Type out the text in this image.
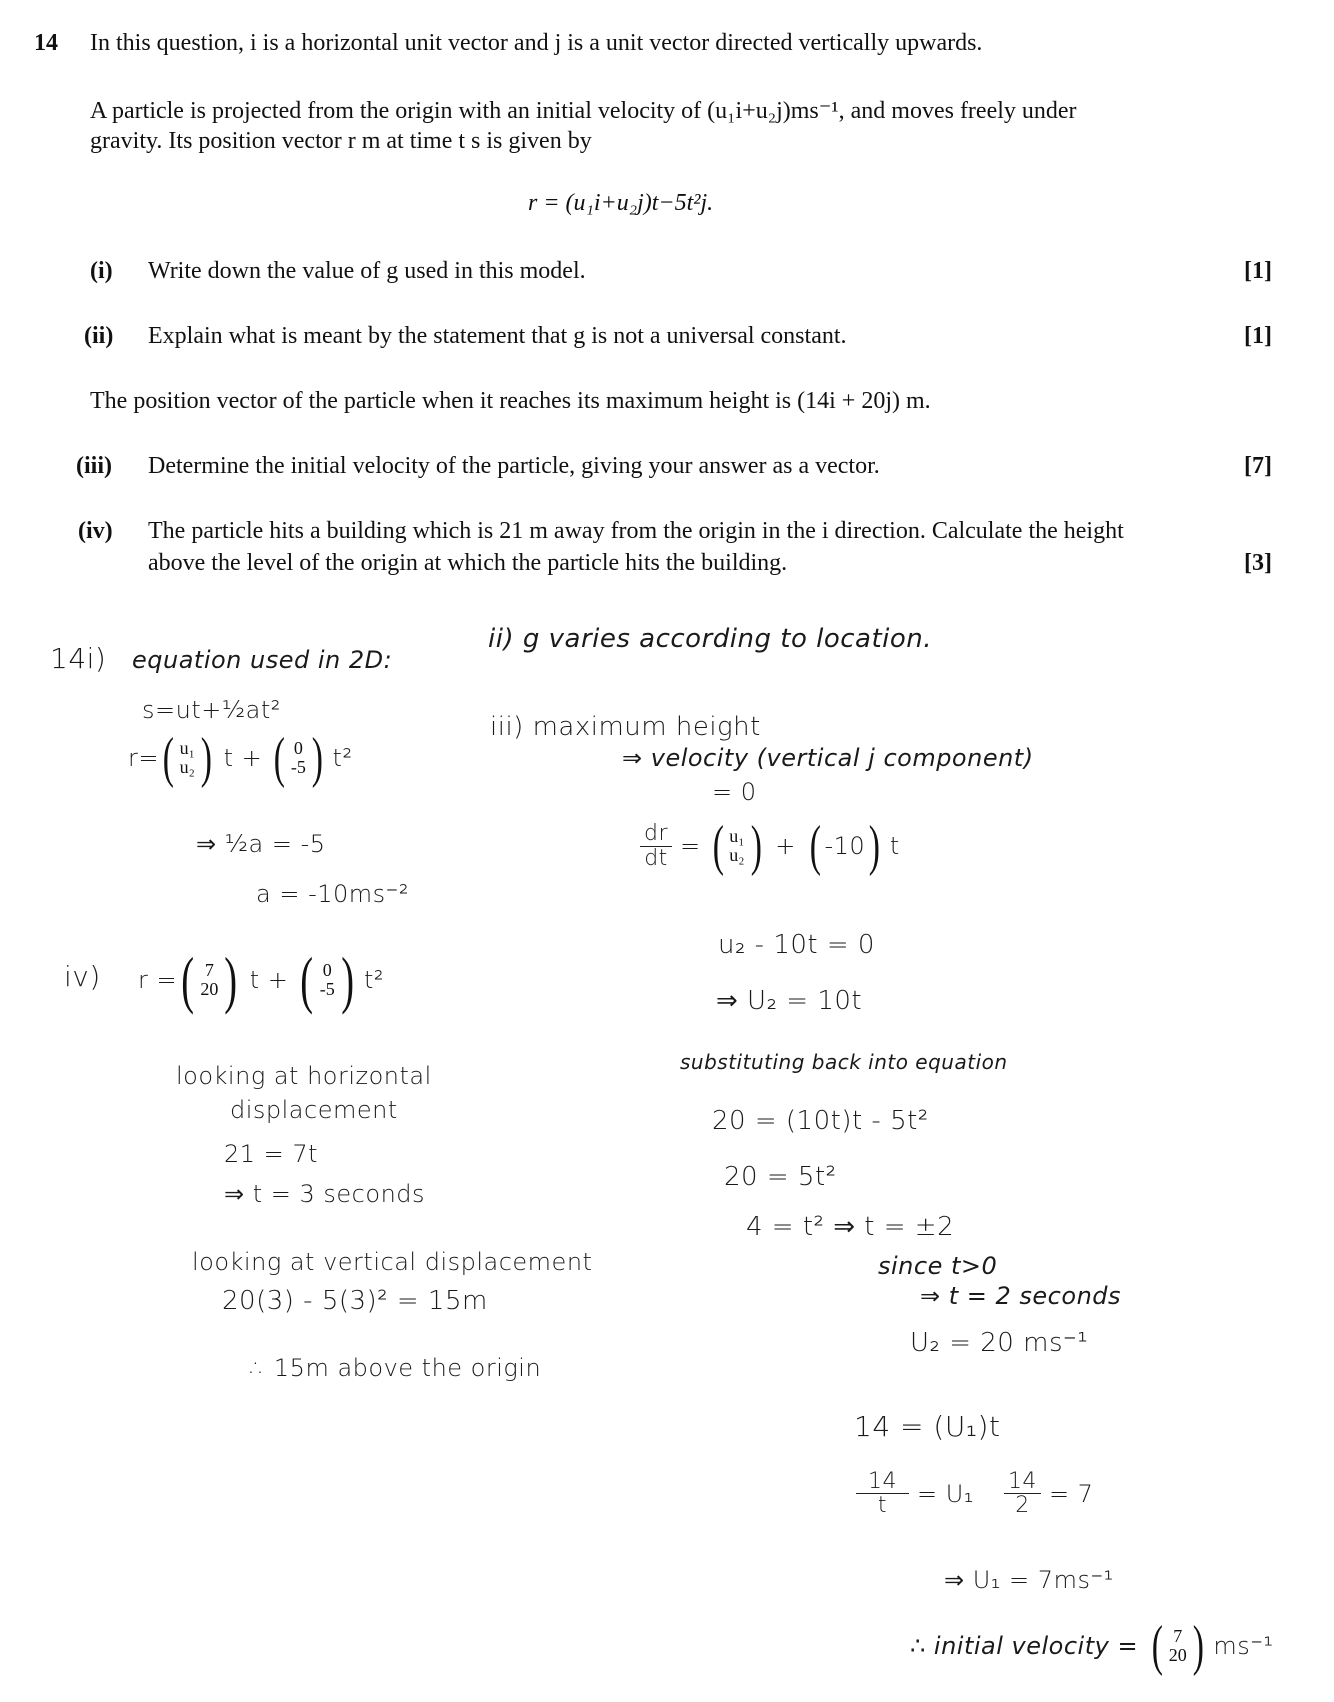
14 In this question, i is a horizontal unit vector and j is a unit vector directed vertically upwards.
A particle is projected from the origin with an initial velocity of (u₁i+u₂j)ms⁻¹, and moves freely under
gravity. Its position vector r m at time t s is given by
r = (u₁i+u₂j)t−5t²j.
(i) Write down the value of g used in this model.	[1]
(ii) Explain what is meant by the statement that g is not a universal constant.	[1]
The position vector of the particle when it reaches its maximum height is (14i + 20j) m.
(iii) Determine the initial velocity of the particle, giving your answer as a vector.	[7]
(iv) The particle hits a building which is 21 m away from the origin in the i direction. Calculate the height
above the level of the origin at which the particle hits the building.	[3]
14i) equation used in 2D:
s=ut+½at²
r= ( u₁
u₂ ) t + ( 0
-5 ) t²
⇒ ½a = -5
a = -10ms⁻²
iv) r = ( 7
20 ) t + ( 0
-5 ) t²
looking at horizontal
displacement
21 = 7t
⇒ t = 3 seconds
looking at vertical displacement
20(3) - 5(3)² = 15m
∴ 15m above the origin
ii) g varies according to location.
iii) maximum height
⇒ velocity (vertical j component)
= 0
$\frac{dr}{dt}$ = ( u₁
u₂ ) + ( -10 ) t
u₂ - 10t = 0
⇒ U₂ = 10t
substituting back into equation
20 = (10t)t - 5t²
20 = 5t²
4 = t² ⇒ t = ±2
since t>0
⇒ t = 2 seconds
U₂ = 20 ms⁻¹
14 = (U₁)t
$\frac{14}{t} = U_1 \frac{14}{2} = 7$
⇒ U₁ = 7ms⁻¹
∴ initial velocity = ( 7
20 ) ms⁻¹
